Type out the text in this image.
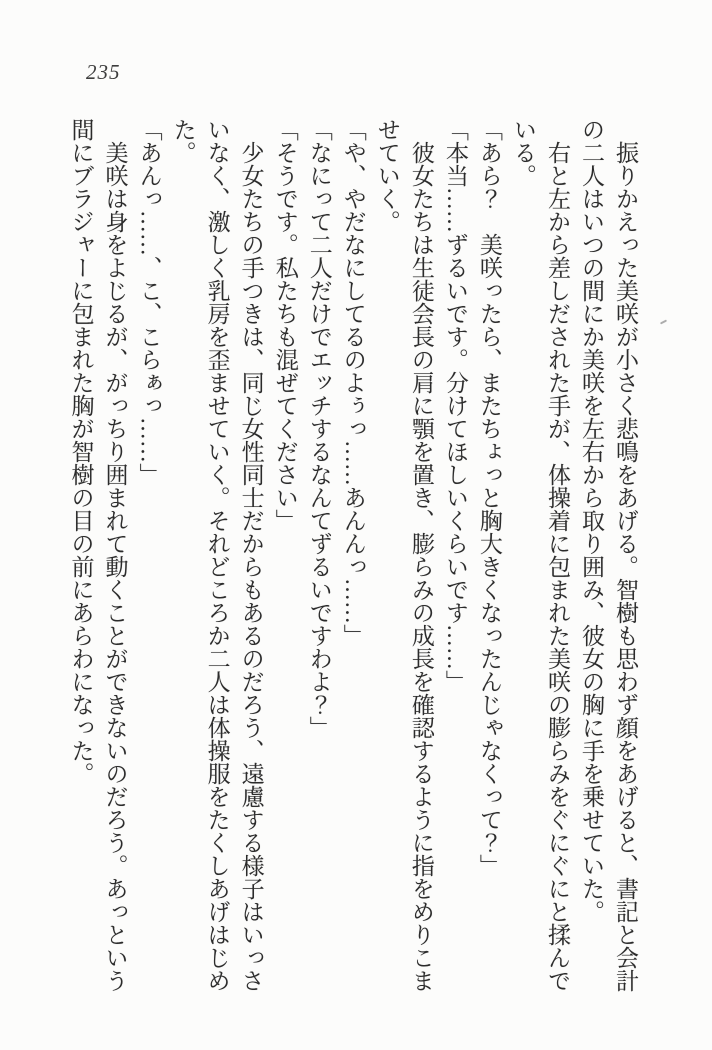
235

振りかえった美咲が小さく悲鳴をあげる。智樹も思わず顔をあげると、書記と会計の二人はいつの間にか美咲を左右から取り囲み、彼女の胸に手を乗せていた。

右と左から差しだされた手が、体操着に包まれた美咲の膨らみをぐにぐにと揉んでいる。

「あら？　美咲ったら、またちょっと胸大きくなったんじゃなくって？」

「本当……ずるいです。分けてほしいくらいです……」

彼女たちは生徒会長の肩に顎を置き、膨らみの成長を確認するように指をめりこませていく。

「や、やだなにしてるのよぅっ……あんんっ……」

「なにって二人だけでエッチするなんてずるいですわよ？」

「そうです。私たちも混ぜてください」

少女たちの手つきは、同じ女性同士だからもあるのだろう、遠慮する様子はいっさいなく、激しく乳房を歪ませていく。それどころか二人は体操服をたくしあげはじめた。

「あんっ……、こ、こらぁっ……」

美咲は身をよじるが、がっちり囲まれて動くことができないのだろう。あっという間にブラジャーに包まれた胸が智樹の目の前にあらわになった。
